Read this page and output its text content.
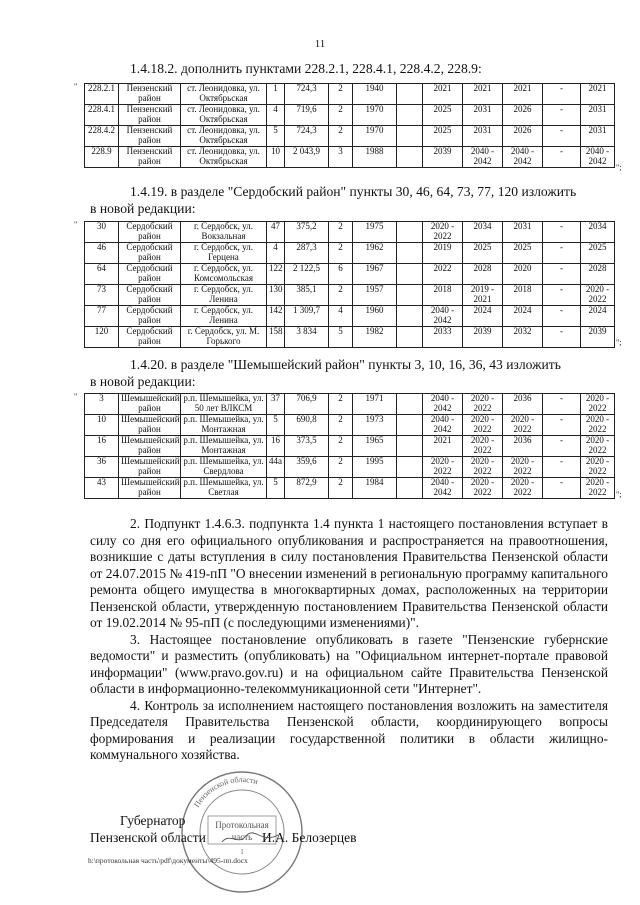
11
1.4.18.2. дополнить пунктами 228.2.1, 228.4.1, 228.4.2, 228.9:
" 228.2.1	Пензенский район	ст. Леонидовка, ул. Октябрьская	1	724,3	2	1940		2021	2021	2021	-	2021
228.4.1	Пензенский район	ст. Леонидовка, ул. Октябрьская	4	719,6	2	1970		2025	2031	2026	-	2031
228.4.2	Пензенский район	ст. Леонидовка, ул. Октябрьская	5	724,3	2	1970		2025	2031	2026	-	2031
228.9	Пензенский район	ст. Леонидовка, ул. Октябрьская	10	2 043,9	3	1988		2039	2040 - 2042	2040 - 2042	-	2040 - 2042
";
1.4.19. в разделе "Сердобский район" пункты 30, 46, 64, 73, 77, 120 изложить
в новой редакции:
" 30	Сердобский район	г. Сердобск, ул. Вокзальная	47	375,2	2	1975		2020 - 2022	2034	2031	-	2034
46	Сердобский район	г. Сердобск, ул. Герцена	4	287,3	2	1962		2019	2025	2025	-	2025
64	Сердобский район	г. Сердобск, ул. Комсомольская	122	2 122,5	6	1967		2022	2028	2020	-	2028
73	Сердобский район	г. Сердобск, ул. Ленина	130	385,1	2	1957		2018	2019 - 2021	2018	-	2020 - 2022
77	Сердобский район	г. Сердобск, ул. Ленина	142	1 309,7	4	1960		2040 - 2042	2024	2024	-	2024
120	Сердобский район	г. Сердобск, ул. М. Горького	158	3 834	5	1982		2033	2039	2032	-	2039
";
1.4.20. в разделе "Шемышейский район" пункты 3, 10, 16, 36, 43 изложить
в новой редакции:
" 3	Шемышейский район	р.п. Шемышейка, ул. 50 лет ВЛКСМ	37	706,9	2	1971		2040 - 2042	2020 - 2022	2036	-	2020 - 2022
10	Шемышейский район	р.п. Шемышейка, ул. Монтажная	5	690,8	2	1973		2040 - 2042	2020 - 2022	2020 - 2022	-	2020 - 2022
16	Шемышейский район	р.п. Шемышейка, ул. Монтажная	16	373,5	2	1965		2021	2020 - 2022	2036	-	2020 - 2022
36	Шемышейский район	р.п. Шемышейка, ул. Свердлова	44а	359,6	2	1995		2020 - 2022	2020 - 2022	2020 - 2022	-	2020 - 2022
43	Шемышейский район	р.п. Шемышейка, ул. Светлая	5	872,9	2	1984		2040 - 2042	2020 - 2022	2020 - 2022	-	2020 - 2022 ";

2. Подпункт 1.4.6.3. подпункта 1.4 пункта 1 настоящего постановления вступает в силу со дня его официального опубликования и распространяется на правоотношения, возникшие с даты вступления в силу постановления Правительства Пензенской области от 24.07.2015 № 419-пП "О внесении изменений в региональную программу капитального ремонта общего имущества в многоквартирных домах, расположенных на территории Пензенской области, утвержденную постановлением Правительства Пензенской области от 19.02.2014 № 95-пП (с последующими изменениями)".

3. Настоящее постановление опубликовать в газете "Пензенские губернские ведомости" и разместить (опубликовать) на "Официальном интернет-портале правовой информации" (www.pravo.gov.ru) и на официальном сайте Правительства Пензенской области в информационно-телекоммуникационной сети "Интернет".

4. Контроль за исполнением настоящего постановления возложить на заместителя Председателя Правительства Пензенской области, координирующего вопросы формирования и реализации государственной политики в области жилищно-коммунального хозяйства.

Пензенской области
Протокольная
часть
1
Губернатор
Пензенской области	И.А. Белозерцев
h:\протокольная часть\pdf\документы\495-пп.docx
